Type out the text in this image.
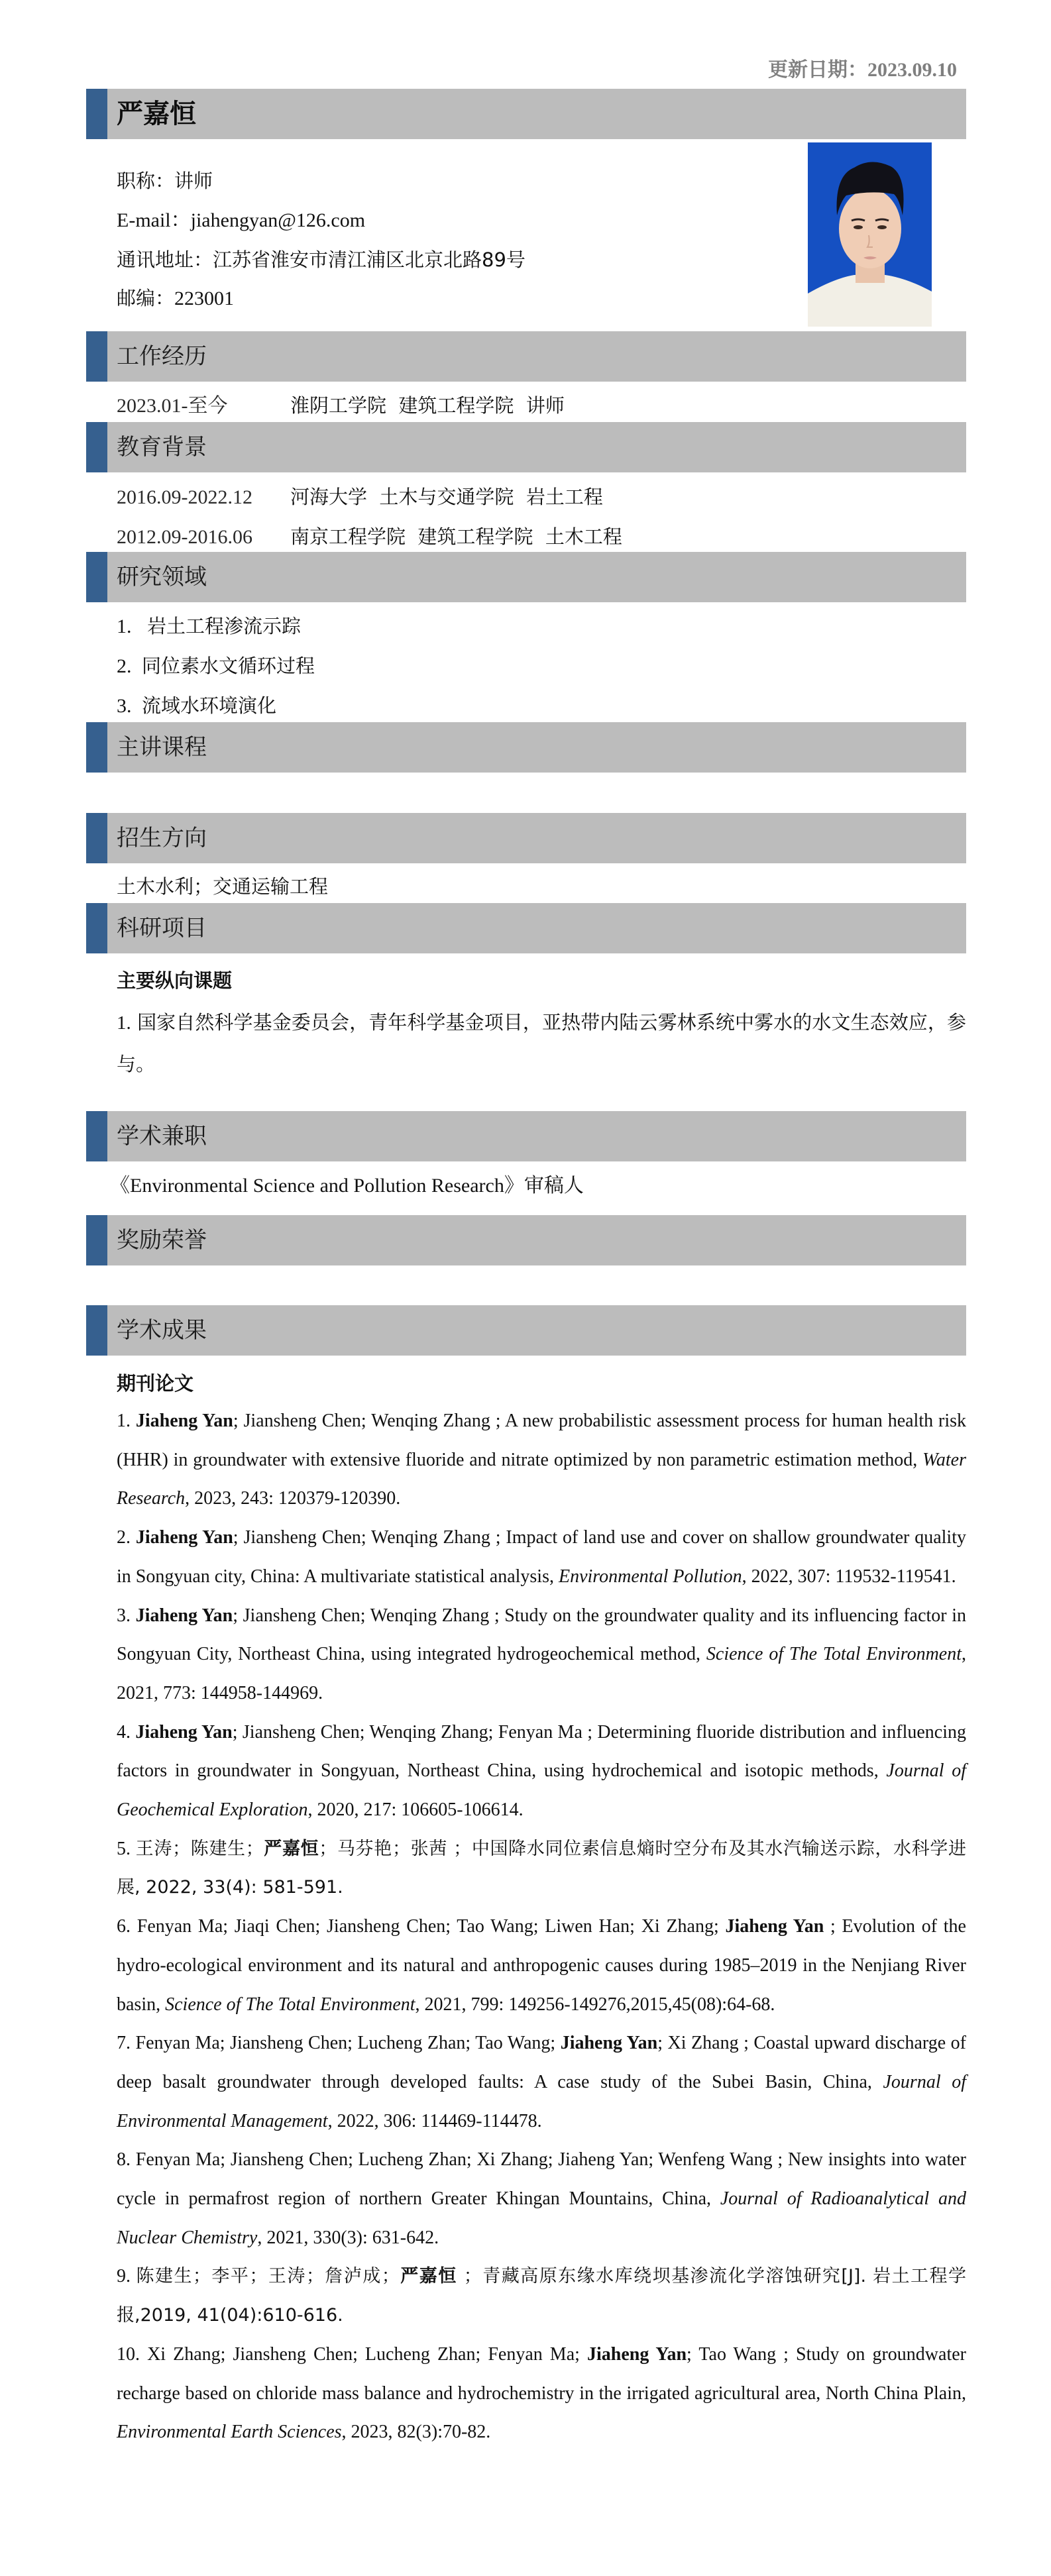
更新日期：2023.09.10
严嘉恒
职称：讲师
E-mail：jiahengyan@126.com
通讯地址：江苏省淮安市清江浦区北京北路89号
邮编：223001
工作经历
2023.01-至今	淮阴工学院  建筑工程学院  讲师
教育背景
2016.09-2022.12 河海大学  土木与交通学院  岩土工程
2012.09-2016.06 南京工程学院  建筑工程学院  土木工程
研究领域
1. 岩土工程渗流示踪
2. 同位素水文循环过程
3. 流域水环境演化
主讲课程
招生方向
土木水利；交通运输工程
科研项目
主要纵向课题
1. 国家自然科学基金委员会，青年科学基金项目，亚热带内陆云雾林系统中雾水的水文生态效应，参与。
学术兼职
《Environmental Science and Pollution Research》审稿人
奖励荣誉
学术成果
期刊论文

1. Jiaheng Yan; Jiansheng Chen; Wenqing Zhang ; A new probabilistic assessment process for human health risk (HHR) in groundwater with extensive fluoride and nitrate optimized by non parametric estimation method, Water Research, 2023, 243: 120379-120390.

2. Jiaheng Yan; Jiansheng Chen; Wenqing Zhang ; Impact of land use and cover on shallow groundwater quality in Songyuan city, China: A multivariate statistical analysis, Environmental Pollution, 2022, 307: 119532-119541.

3. Jiaheng Yan; Jiansheng Chen; Wenqing Zhang ; Study on the groundwater quality and its influencing factor in Songyuan City, Northeast China, using integrated hydrogeochemical method, Science of The Total Environment, 2021, 773: 144958-144969.

4. Jiaheng Yan; Jiansheng Chen; Wenqing Zhang; Fenyan Ma ; Determining fluoride distribution and influencing factors in groundwater in Songyuan, Northeast China, using hydrochemical and isotopic methods, Journal of Geochemical Exploration, 2020, 217: 106605-106614.

5. 王涛；陈建生；严嘉恒；马芬艳；张茜 ；中国降水同位素信息熵时空分布及其水汽输送示踪，水科学进展, 2022, 33(4): 581-591.

6. Fenyan Ma; Jiaqi Chen; Jiansheng Chen; Tao Wang; Liwen Han; Xi Zhang; Jiaheng Yan ; Evolution of the hydro-ecological environment and its natural and anthropogenic causes during 1985–2019 in the Nenjiang River basin, Science of The Total Environment, 2021, 799: 149256-149276,2015,45(08):64-68.

7. Fenyan Ma; Jiansheng Chen; Lucheng Zhan; Tao Wang; Jiaheng Yan; Xi Zhang ; Coastal upward discharge of deep basalt groundwater through developed faults: A case study of the Subei Basin, China, Journal of Environmental Management, 2022, 306: 114469-114478.

8. Fenyan Ma; Jiansheng Chen; Lucheng Zhan; Xi Zhang; Jiaheng Yan; Wenfeng Wang ; New insights into water cycle in permafrost region of northern Greater Khingan Mountains, China, Journal of Radioanalytical and Nuclear Chemistry, 2021, 330(3): 631-642.

9. 陈建生；李平；王涛；詹泸成；严嘉恒 ；青藏高原东缘水库绕坝基渗流化学溶蚀研究[J]. 岩土工程学报,2019, 41(04):610-616.

10. Xi Zhang; Jiansheng Chen; Lucheng Zhan; Fenyan Ma; Jiaheng Yan; Tao Wang ; Study on groundwater recharge based on chloride mass balance and hydrochemistry in the irrigated agricultural area, North China Plain, Environmental Earth Sciences, 2023, 82(3):70-82.
